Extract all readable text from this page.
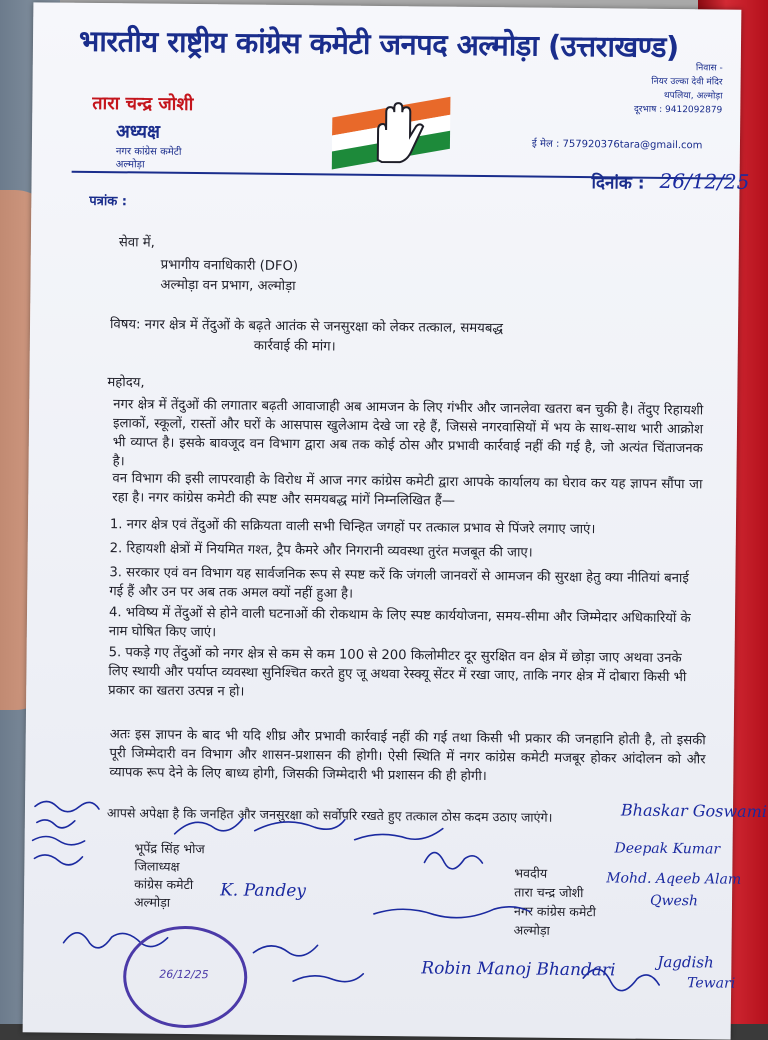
भारतीय राष्ट्रीय कांग्रेस कमेटी जनपद अल्मोड़ा (उत्तराखण्ड)
तारा चन्द्र जोशी
अध्यक्ष
नगर कांग्रेस कमेटी
अल्मोड़ा
निवास -
नियर उल्का देवी मंदिर
थपलिया, अल्मोड़ा
दूरभाष : 9412092879
ई मेल : 757920376tara@gmail.com
दिनांक : 26/12/25
पत्रांक :
सेवा में,
प्रभागीय वनाधिकारी (DFO)
अल्मोड़ा वन प्रभाग, अल्मोड़ा
विषय: नगर क्षेत्र में तेंदुओं के बढ़ते आतंक से जनसुरक्षा को लेकर तत्काल, समयबद्ध
कार्रवाई की मांग।
महोदय,
नगर क्षेत्र में तेंदुओं की लगातार बढ़ती आवाजाही अब आमजन के लिए गंभीर और जानलेवा खतरा बन चुकी है। तेंदुए रिहायशी इलाकों, स्कूलों, रास्तों और घरों के आसपास खुलेआम देखे जा रहे हैं, जिससे नगरवासियों में भय के साथ-साथ भारी आक्रोश भी व्याप्त है। इसके बावजूद वन विभाग द्वारा अब तक कोई ठोस और प्रभावी कार्रवाई नहीं की गई है, जो अत्यंत चिंताजनक है।
वन विभाग की इसी लापरवाही के विरोध में आज नगर कांग्रेस कमेटी द्वारा आपके कार्यालय का घेराव कर यह ज्ञापन सौंपा जा रहा है। नगर कांग्रेस कमेटी की स्पष्ट और समयबद्ध मांगें निम्नलिखित हैं—
1. नगर क्षेत्र एवं तेंदुओं की सक्रियता वाली सभी चिन्हित जगहों पर तत्काल प्रभाव से पिंजरे लगाए जाएं।
2. रिहायशी क्षेत्रों में नियमित गश्त, ट्रैप कैमरे और निगरानी व्यवस्था तुरंत मजबूत की जाए।
3. सरकार एवं वन विभाग यह सार्वजनिक रूप से स्पष्ट करें कि जंगली जानवरों से आमजन की सुरक्षा हेतु क्या नीतियां बनाई गई हैं और उन पर अब तक अमल क्यों नहीं हुआ है।
4. भविष्य में तेंदुओं से होने वाली घटनाओं की रोकथाम के लिए स्पष्ट कार्ययोजना, समय-सीमा और जिम्मेदार अधिकारियों के नाम घोषित किए जाएं।
5. पकड़े गए तेंदुओं को नगर क्षेत्र से कम से कम 100 से 200 किलोमीटर दूर सुरक्षित वन क्षेत्र में छोड़ा जाए अथवा उनके लिए स्थायी और पर्याप्त व्यवस्था सुनिश्चित करते हुए जू अथवा रेस्क्यू सेंटर में रखा जाए, ताकि नगर क्षेत्र में दोबारा किसी भी प्रकार का खतरा उत्पन्न न हो।
अतः इस ज्ञापन के बाद भी यदि शीघ्र और प्रभावी कार्रवाई नहीं की गई तथा किसी भी प्रकार की जनहानि होती है, तो इसकी पूरी जिम्मेदारी वन विभाग और शासन-प्रशासन की होगी। ऐसी स्थिति में नगर कांग्रेस कमेटी मजबूर होकर आंदोलन को और व्यापक रूप देने के लिए बाध्य होगी, जिसकी जिम्मेदारी भी प्रशासन की ही होगी।
आपसे अपेक्षा है कि जनहित और जनसुरक्षा को सर्वोपरि रखते हुए तत्काल ठोस कदम उठाए जाएंगे।
भूपेंद्र सिंह भोज
जिलाध्यक्ष
कांग्रेस कमेटी
अल्मोड़ा
भवदीय
तारा चन्द्र जोशी
नगर कांग्रेस कमेटी
अल्मोड़ा
Bhaskar Goswami
Deepak Kumar
Mohd. Aqeeb Alam
Qwesh
Jagdish
Tewari
Robin Manoj Bhandari
K. Pandey
26/12/25
